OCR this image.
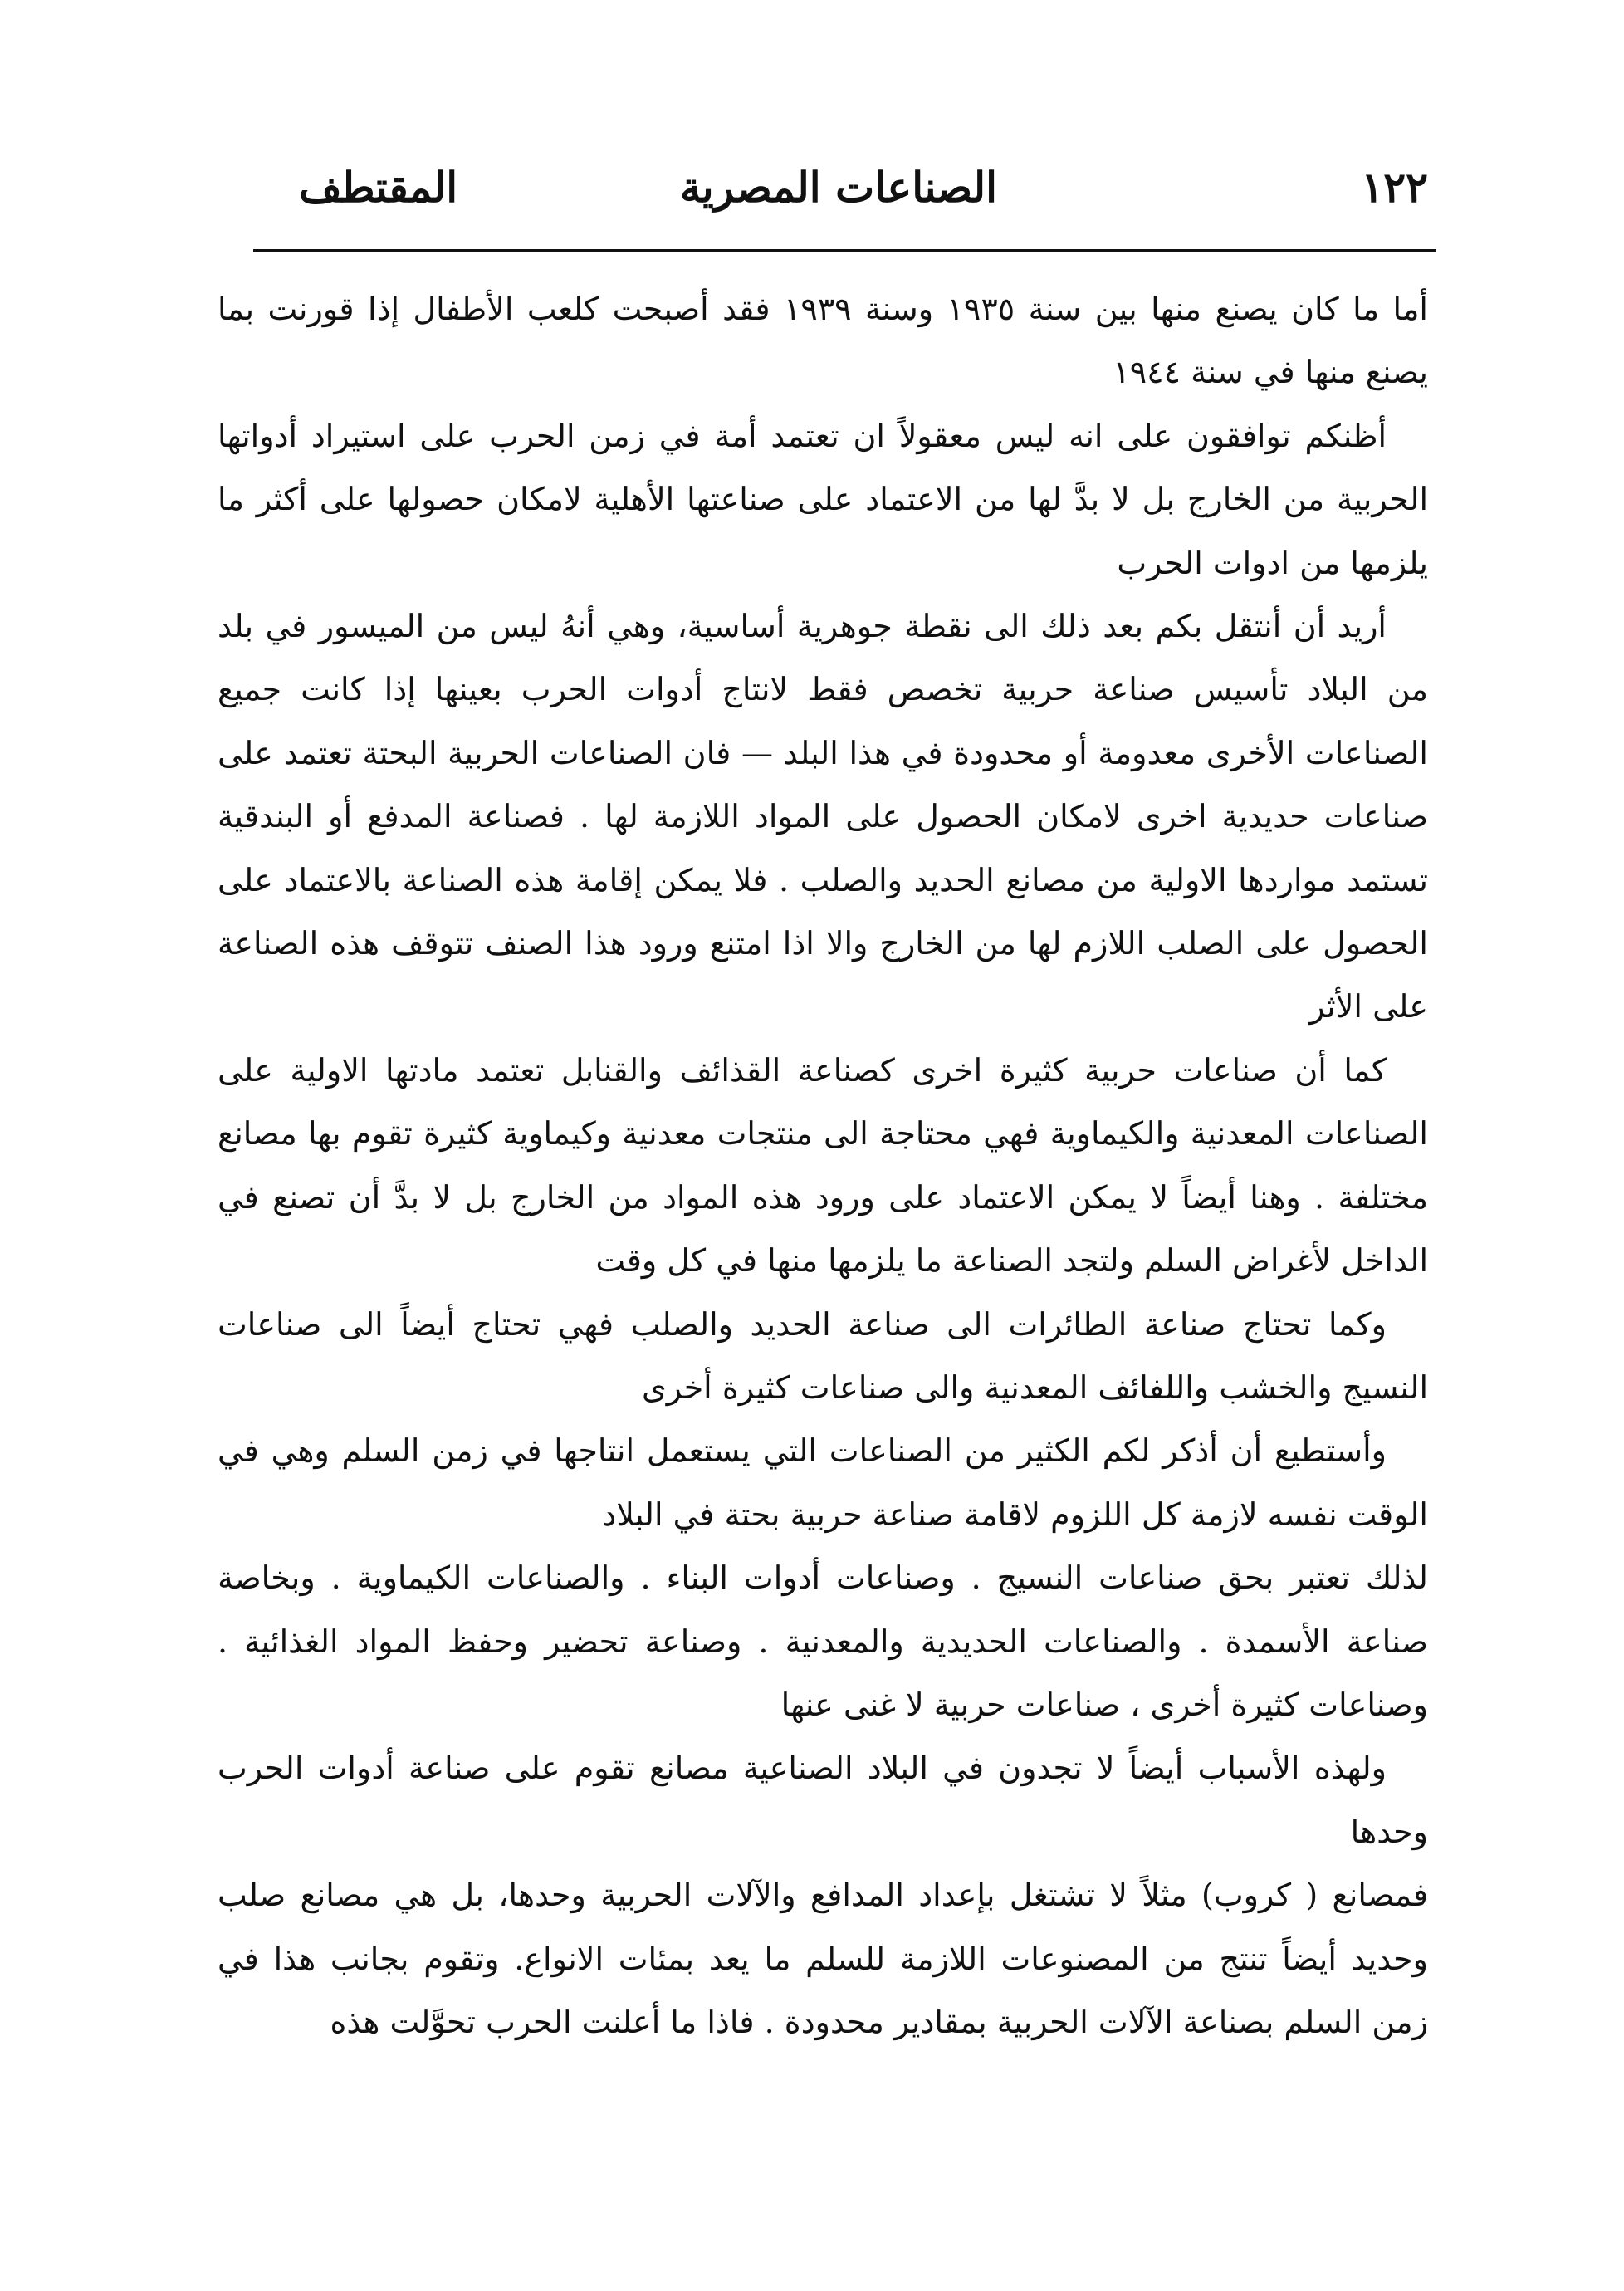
١٢٢
الصناعات المصرية
المقتطف

أما ما كان يصنع منها بين سنة ١٩٣٥ وسنة ١٩٣٩ فقد أصبحت كلعب الأطفال إذا قورنت بما يصنع منها في سنة ١٩٤٤

أظنكم توافقون على انه ليس معقولاً ان تعتمد أمة في زمن الحرب على استيراد أدواتها الحربية من الخارج بل لا بدَّ لها من الاعتماد على صناعتها الأهلية لامكان حصولها على أكثر ما يلزمها من ادوات الحرب

أريد أن أنتقل بكم بعد ذلك الى نقطة جوهرية أساسية، وهي أنهُ ليس من الميسور في بلد من البلاد تأسيس صناعة حربية تخصص فقط لانتاج أدوات الحرب بعينها إذا كانت جميع الصناعات الأخرى معدومة أو محدودة في هذا البلد — فان الصناعات الحربية البحتة تعتمد على صناعات حديدية اخرى لامكان الحصول على المواد اللازمة لها . فصناعة المدفع أو البندقية تستمد مواردها الاولية من مصانع الحديد والصلب . فلا يمكن إقامة هذه الصناعة بالاعتماد على الحصول على الصلب اللازم لها من الخارج والا اذا امتنع ورود هذا الصنف تتوقف هذه الصناعة على الأثر

كما أن صناعات حربية كثيرة اخرى كصناعة القذائف والقنابل تعتمد مادتها الاولية على الصناعات المعدنية والكيماوية فهي محتاجة الى منتجات معدنية وكيماوية كثيرة تقوم بها مصانع مختلفة . وهنا أيضاً لا يمكن الاعتماد على ورود هذه المواد من الخارج بل لا بدَّ أن تصنع في الداخل لأغراض السلم ولتجد الصناعة ما يلزمها منها في كل وقت

وكما تحتاج صناعة الطائرات الى صناعة الحديد والصلب فهي تحتاج أيضاً الى صناعات النسيج والخشب واللفائف المعدنية والى صناعات كثيرة أخرى

وأستطيع أن أذكر لكم الكثير من الصناعات التي يستعمل انتاجها في زمن السلم وهي في الوقت نفسه لازمة كل اللزوم لاقامة صناعة حربية بحتة في البلاد

لذلك تعتبر بحق صناعات النسيج . وصناعات أدوات البناء . والصناعات الكيماوية . وبخاصة صناعة الأسمدة . والصناعات الحديدية والمعدنية . وصناعة تحضير وحفظ المواد الغذائية . وصناعات كثيرة أخرى ، صناعات حربية لا غنى عنها

ولهذه الأسباب أيضاً لا تجدون في البلاد الصناعية مصانع تقوم على صناعة أدوات الحرب وحدها

فمصانع ( كروب) مثلاً لا تشتغل بإعداد المدافع والآلات الحربية وحدها، بل هي مصانع صلب وحديد أيضاً تنتج من المصنوعات اللازمة للسلم ما يعد بمئات الانواع. وتقوم بجانب هذا في زمن السلم بصناعة الآلات الحربية بمقادير محدودة . فاذا ما أعلنت الحرب تحوَّلت هذه
